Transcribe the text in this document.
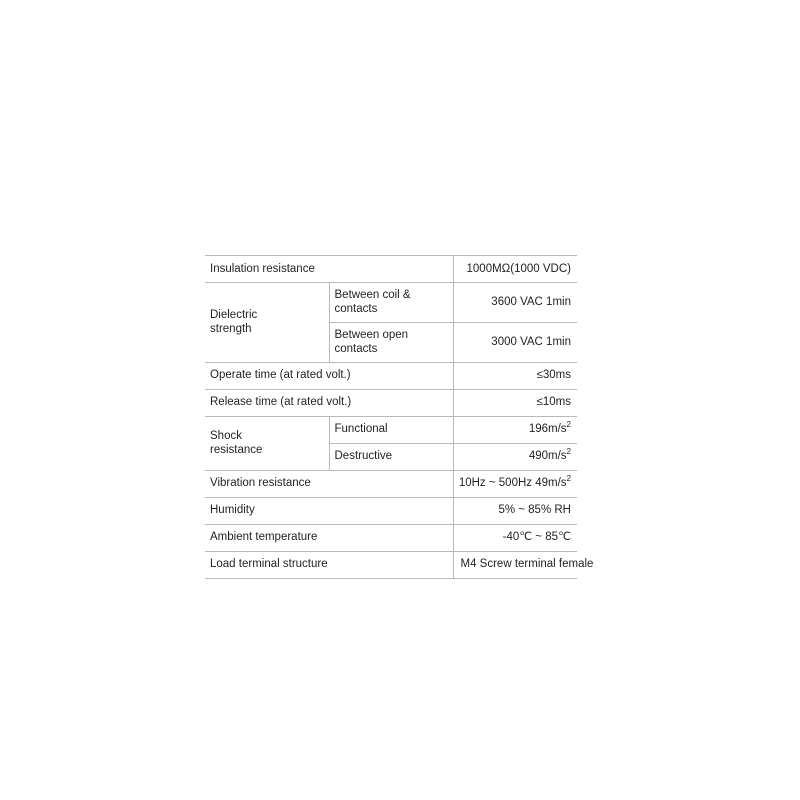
Insulation resistance		1000MΩ(1000 VDC)
Dielectric
strength	Between coil & contacts	3600 VAC 1min
	Between open contacts	3000 VAC 1min
Operate time (at rated volt.)		≤30ms
Release time (at rated volt.)		≤10ms
Shock
resistance	Functional	$196m/s^2$
	Destructive	$490m/s^2$
Vibration resistance		10Hz ~ 500Hz $49m/s^2$
Humidity		5% ~ 85% RH
Ambient temperature		-40℃ ~ 85℃
Load terminal structure		M4 Screw terminal female
